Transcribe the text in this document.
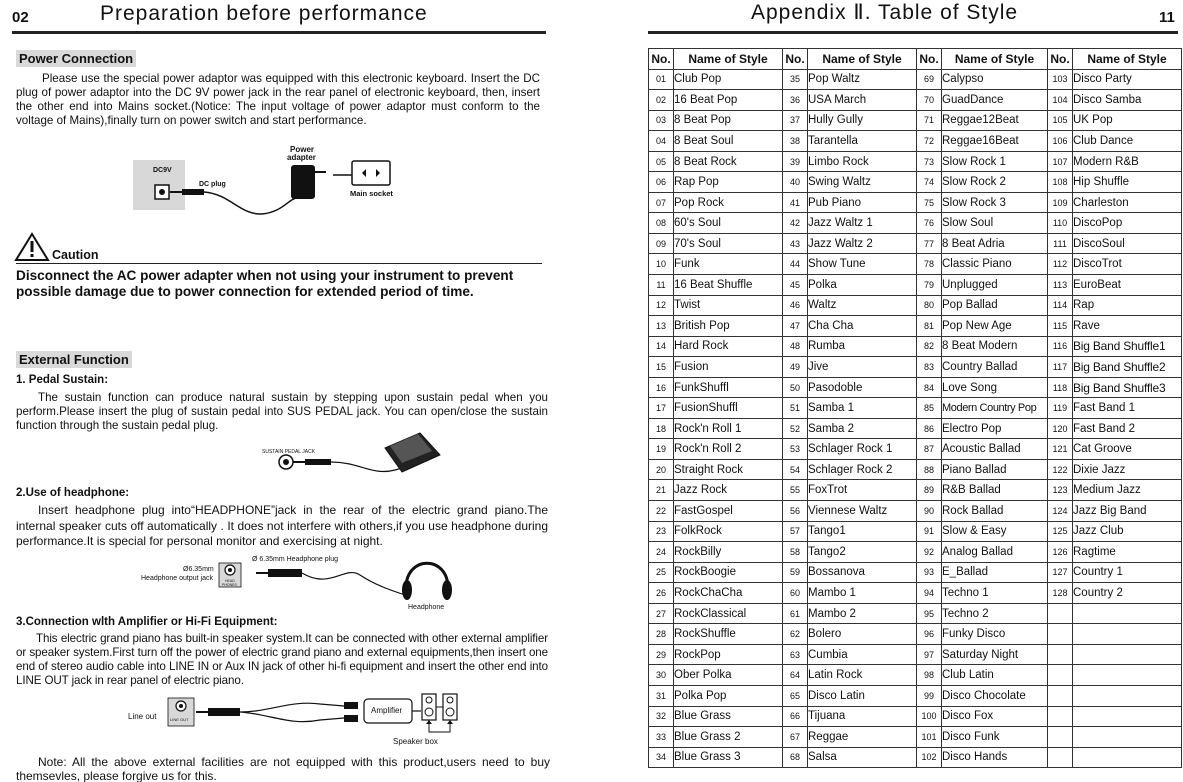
02	Preparation before performance
Power Connection
Please use the special power adaptor was equipped with this electronic keyboard. Insert the DC plug of power adaptor into the DC 9V power jack in the rear panel of electronic keyboard, then, insert the other end into Mains socket.(Notice: The input voltage of power adaptor must conform to the voltage of Mains),finally turn on power switch and start performance.
DC9V
DC plug
Power
adapter
Main socket
Caution
Disconnect the AC power adapter when not using your instrument to prevent possible damage due to power connection for extended period of time.
External Function
1. Pedal Sustain:
The sustain function can produce natural sustain by stepping upon sustain pedal when you perform.Please insert the plug of sustain pedal into SUS PEDAL jack. You can open/close the sustain function through the sustain pedal plug.
SUSTAIN PEDAL JACK
2.Use of headphone:
Insert headphone plug into“HEADPHONE”jack in the rear of the electric grand piano.The internal speaker cuts off automatically . It does not interfere with others,if you use headphone during performance.It is special for personal monitor and exercising at night.
Ø 6.35mm Headphone plug
Ø6.35mm
Headphone output jack	HEAD
PHONES
Headphone
3.Connection wlth Amplifier or Hi-Fi Equipment:
This electric grand piano has built-in speaker system.It can be connected with other external amplifier or speaker system.First turn off the power of electric grand piano and external equipments,then insert one end of stereo audio cable into LINE IN or Aux IN jack of other hi-fi equipment and insert the other end into LINE OUT jack in rear panel of electric piano.
Line out	LINE OUT
Amplifier
Speaker box
Note: All the above external facilities are not equipped with this product,users need to buy themsevles, please forgive us for this.
Appendix Ⅱ. Table of Style	11
No.	Name of Style	No.	Name of Style	No.	Name of Style	No.	Name of Style
01	Club Pop	35	Pop Waltz	69	Calypso	103	Disco Party
02	16 Beat Pop	36	USA March	70	GuadDance	104	Disco Samba
03	8 Beat Pop	37	Hully Gully	71	Reggae12Beat	105	UK Pop
04	8 Beat Soul	38	Tarantella	72	Reggae16Beat	106	Club Dance
05	8 Beat Rock	39	Limbo Rock	73	Slow Rock 1	107	Modern R&B
06	Rap Pop	40	Swing Waltz	74	Slow Rock 2	108	Hip Shuffle
07	Pop Rock	41	Pub Piano	75	Slow Rock 3	109	Charleston
08	60's Soul	42	Jazz Waltz 1	76	Slow Soul	110	DiscoPop
09	70's Soul	43	Jazz Waltz 2	77	8 Beat Adria	111	DiscoSoul
10	Funk	44	Show Tune	78	Classic Piano	112	DiscoTrot
11	16 Beat Shuffle	45	Polka	79	Unplugged	113	EuroBeat
12	Twist	46	Waltz	80	Pop Ballad	114	Rap
13	British Pop	47	Cha Cha	81	Pop New Age	115	Rave
14	Hard Rock	48	Rumba	82	8 Beat Modern	116	Big Band Shuffle1
15	Fusion	49	Jive	83	Country Ballad	117	Big Band Shuffle2
16	FunkShuffl	50	Pasodoble	84	Love Song	118	Big Band Shuffle3
17	FusionShuffl	51	Samba 1	85	Modern Country Pop	119	Fast Band 1
18	Rock'n Roll 1	52	Samba 2	86	Electro Pop	120	Fast Band 2
19	Rock'n Roll 2	53	Schlager Rock 1	87	Acoustic Ballad	121	Cat Groove
20	Straight Rock	54	Schlager Rock 2	88	Piano Ballad	122	Dixie Jazz
21	Jazz Rock	55	FoxTrot	89	R&B Ballad	123	Medium Jazz
22	FastGospel	56	Viennese Waltz	90	Rock Ballad	124	Jazz Big Band
23	FolkRock	57	Tango1	91	Slow & Easy	125	Jazz Club
24	RockBilly	58	Tango2	92	Analog Ballad	126	Ragtime
25	RockBoogie	59	Bossanova	93	E_Ballad	127	Country 1
26	RockChaCha	60	Mambo 1	94	Techno 1	128	Country 2
27	RockClassical	61	Mambo 2	95	Techno 2		
28	RockShuffle	62	Bolero	96	Funky Disco		
29	RockPop	63	Cumbia	97	Saturday Night		
30	Ober Polka	64	Latin Rock	98	Club Latin		
31	Polka Pop	65	Disco Latin	99	Disco Chocolate		
32	Blue Grass	66	Tijuana	100	Disco Fox		
33	Blue Grass 2	67	Reggae	101	Disco Funk		
34	Blue Grass 3	68	Salsa	102	Disco Hands		
